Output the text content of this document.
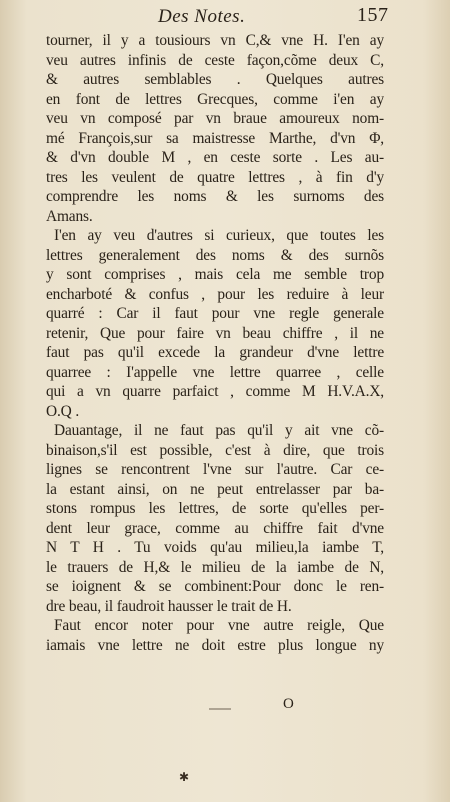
Des Notes.	157
tourner, il y a tousiours vn C,& vne H. I'en ay
veu autres infinis de ceste façon,cõme deux C,
& autres semblables . Quelques autres
en font de lettres Grecques, comme i'en ay
veu vn composé par vn braue amoureux nom-
mé François,sur sa maistresse Marthe, d'vn Φ,
& d'vn double M , en ceste sorte . Les au-
tres les veulent de quatre lettres , à fin d'y
comprendre les noms & les surnoms des
Amans.
I'en ay veu d'autres si curieux, que toutes les
lettres generalement des noms & des surnõs
y sont comprises , mais cela me semble trop
encharboté & confus , pour les reduire à leur
quarré : Car il faut pour vne regle generale
retenir, Que pour faire vn beau chiffre , il ne
faut pas qu'il excede la grandeur d'vne lettre
quarree : I'appelle vne lettre quarree , celle
qui a vn quarre parfaict , comme M H.V.A.X,
O.Q .
Dauantage, il ne faut pas qu'il y ait vne cõ-
binaison,s'il est possible, c'est à dire, que trois
lignes se rencontrent l'vne sur l'autre. Car ce-
la estant ainsi, on ne peut entrelasser par ba-
stons rompus les lettres, de sorte qu'elles per-
dent leur grace, comme au chiffre fait d'vne
N T H . Tu voids qu'au milieu,la iambe T,
le trauers de H,& le milieu de la iambe de N,
se ioignent & se combinent:Pour donc le ren-
dre beau, il faudroit hausser le trait de H.
Faut encor noter pour vne autre reigle, Que
iamais vne lettre ne doit estre plus longue ny
O
✱
